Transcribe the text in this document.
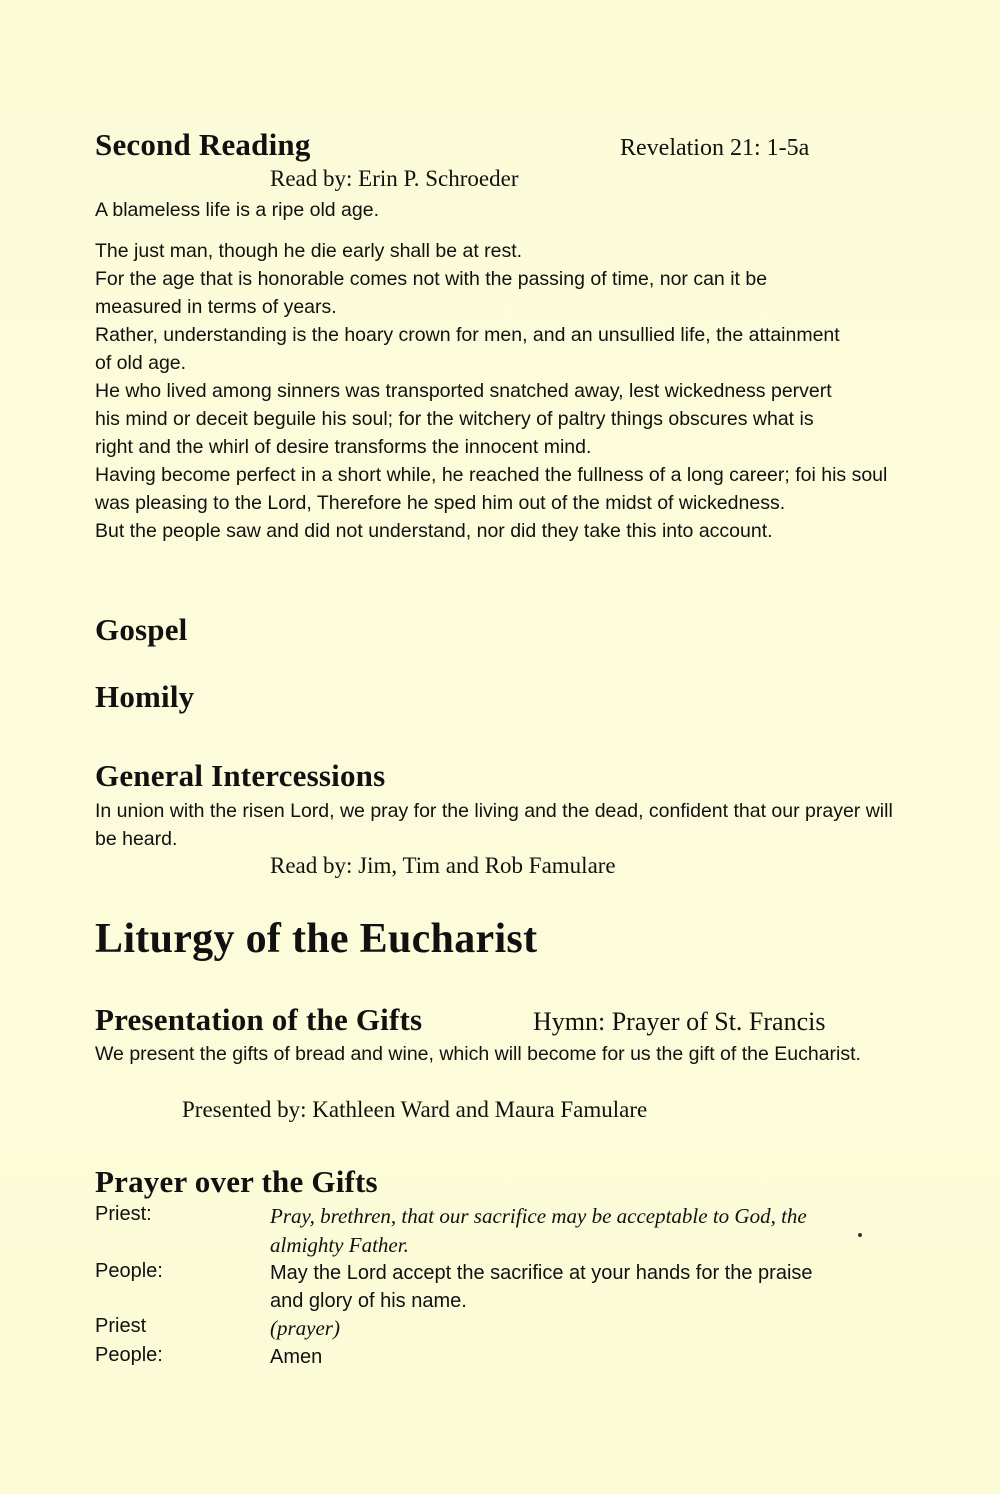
Second Reading	Revelation 21: 1-5a
Read by: Erin P. Schroeder
A blameless life is a ripe old age.

The just man, though he die early shall be at rest.

For the age that is honorable comes not with the passing of time, nor can it be measured in terms of years.

Rather, understanding is the hoary crown for men, and an unsullied life, the attainment of old age.

He who lived among sinners was transported snatched away, lest wickedness pervert his mind or deceit beguile his soul; for the witchery of paltry things obscures what is right and the whirl of desire transforms the innocent mind.

Having become perfect in a short while, he reached the fullness of a long career; foi his soul was pleasing to the Lord, Therefore he sped him out of the midst of wickedness.

But the people saw and did not understand, nor did they take this into account.

Gospel
Homily
General Intercessions
In union with the risen Lord, we pray for the living and the dead, confident that our prayer will be heard.
Read by: Jim, Tim and Rob Famulare
Liturgy of the Eucharist
Presentation of the Gifts	Hymn: Prayer of St. Francis
We present the gifts of bread and wine, which will become for us the gift of the Eucharist.
Presented by: Kathleen Ward and Maura Famulare
Prayer over the Gifts
Priest:	Pray, brethren, that our sacrifice may be acceptable to God, the almighty Father.
People:	May the Lord accept the sacrifice at your hands for the praise and glory of his name.
Priest	(prayer)
People:	Amen
